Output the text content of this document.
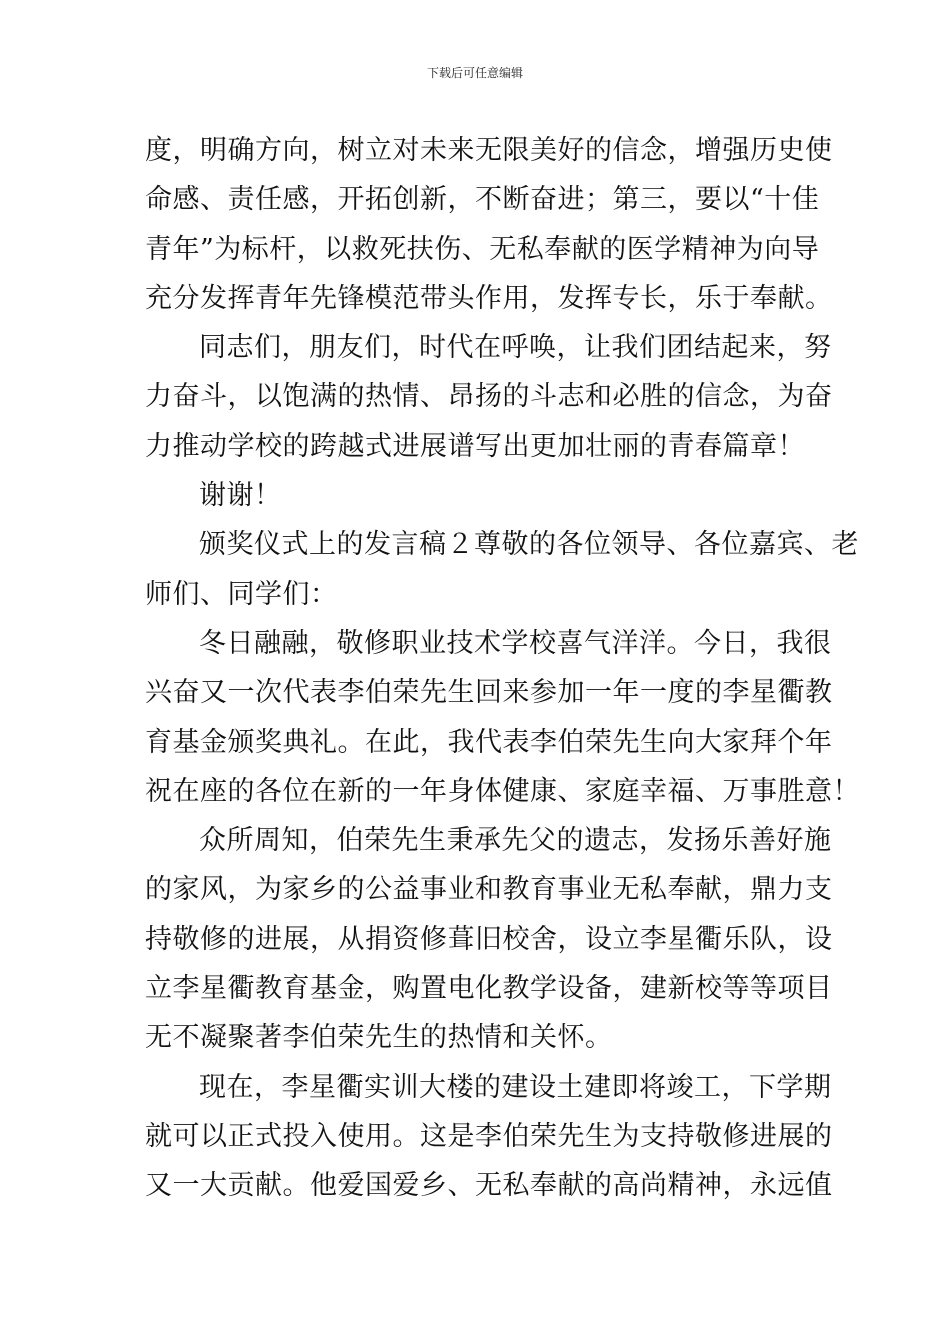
下载后可任意编辑
度，明确方向，树立对未来无限美好的信念，增强历史使
命感、责任感，开拓创新，不断奋进；第三，要以“十佳
青年”为标杆，以救死扶伤、无私奉献的医学精神为向导
充分发挥青年先锋模范带头作用，发挥专长，乐于奉献。
同志们，朋友们，时代在呼唤，让我们团结起来，努
力奋斗，以饱满的热情、昂扬的斗志和必胜的信念，为奋
力推动学校的跨越式进展谱写出更加壮丽的青春篇章！
谢谢！
颁奖仪式上的发言稿２尊敬的各位领导、各位嘉宾、老
师们、同学们：
冬日融融，敬修职业技术学校喜气洋洋。今日，我很
兴奋又一次代表李伯荣先生回来参加一年一度的李星衢教
育基金颁奖典礼。在此，我代表李伯荣先生向大家拜个年
祝在座的各位在新的一年身体健康、家庭幸福、万事胜意！
众所周知，伯荣先生秉承先父的遗志，发扬乐善好施
的家风，为家乡的公益事业和教育事业无私奉献，鼎力支
持敬修的进展，从捐资修葺旧校舍，设立李星衢乐队，设
立李星衢教育基金，购置电化教学设备，建新校等等项目
无不凝聚著李伯荣先生的热情和关怀。
现在，李星衢实训大楼的建设土建即将竣工，下学期
就可以正式投入使用。这是李伯荣先生为支持敬修进展的
又一大贡献。他爱国爱乡、无私奉献的高尚精神，永远值
